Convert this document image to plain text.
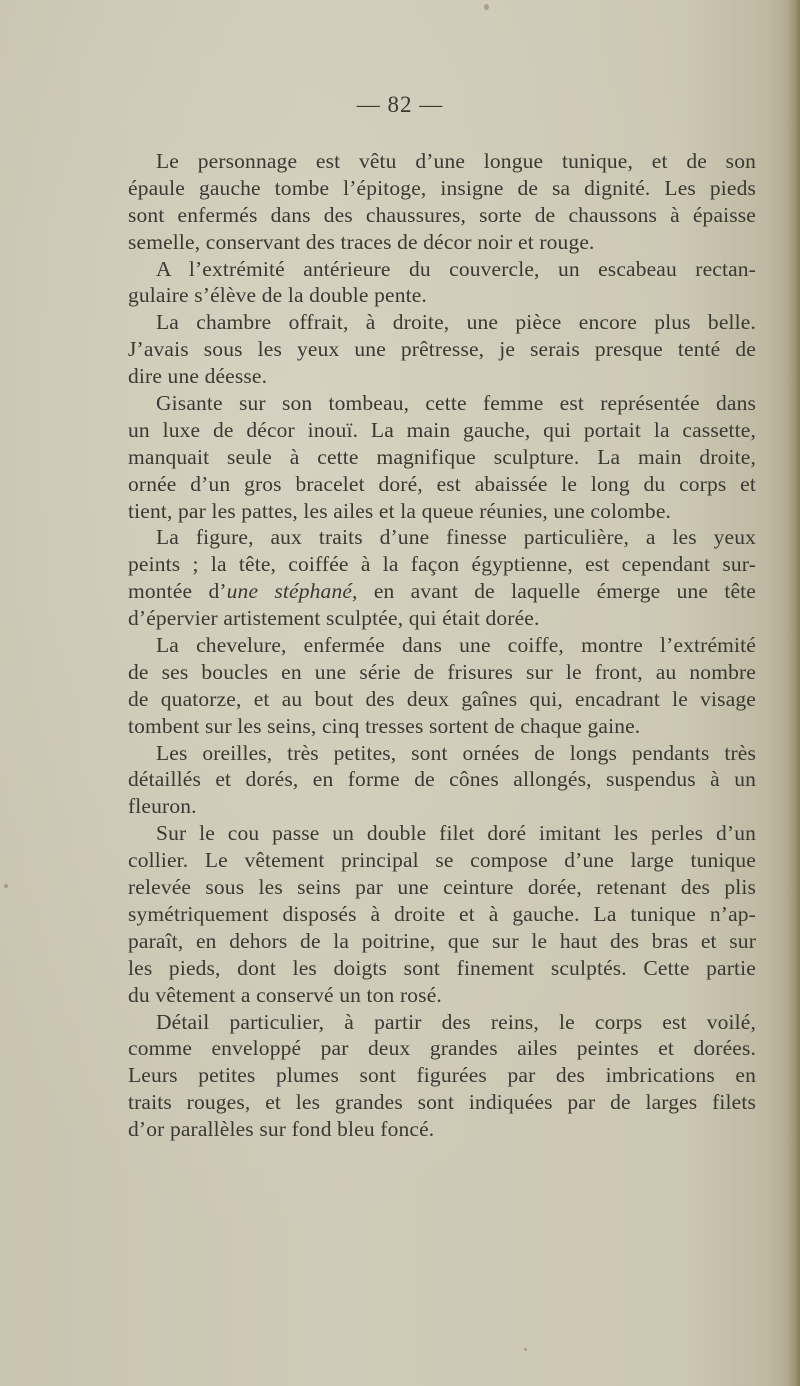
— 82 —
Le personnage est vêtu d’une longue tunique, et de son
épaule gauche tombe l’épitoge, insigne de sa dignité. Les pieds
sont enfermés dans des chaussures, sorte de chaussons à épaisse
semelle, conservant des traces de décor noir et rouge.
A l’extrémité antérieure du couvercle, un escabeau rectan-
gulaire s’élève de la double pente.
La chambre offrait, à droite, une pièce encore plus belle.
J’avais sous les yeux une prêtresse, je serais presque tenté de
dire une déesse.
Gisante sur son tombeau, cette femme est représentée dans
un luxe de décor inouï. La main gauche, qui portait la cassette,
manquait seule à cette magnifique sculpture. La main droite,
ornée d’un gros bracelet doré, est abaissée le long du corps et
tient, par les pattes, les ailes et la queue réunies, une colombe.
La figure, aux traits d’une finesse particulière, a les yeux
peints ; la tête, coiffée à la façon égyptienne, est cependant sur-
montée d’une stéphané, en avant de laquelle émerge une tête
d’épervier artistement sculptée, qui était dorée.
La chevelure, enfermée dans une coiffe, montre l’extrémité
de ses boucles en une série de frisures sur le front, au nombre
de quatorze, et au bout des deux gaînes qui, encadrant le visage
tombent sur les seins, cinq tresses sortent de chaque gaine.
Les oreilles, très petites, sont ornées de longs pendants très
détaillés et dorés, en forme de cônes allongés, suspendus à un
fleuron.
Sur le cou passe un double filet doré imitant les perles d’un
collier. Le vêtement principal se compose d’une large tunique
relevée sous les seins par une ceinture dorée, retenant des plis
symétriquement disposés à droite et à gauche. La tunique n’ap-
paraît, en dehors de la poitrine, que sur le haut des bras et sur
les pieds, dont les doigts sont finement sculptés. Cette partie
du vêtement a conservé un ton rosé.
Détail particulier, à partir des reins, le corps est voilé,
comme enveloppé par deux grandes ailes peintes et dorées.
Leurs petites plumes sont figurées par des imbrications en
traits rouges, et les grandes sont indiquées par de larges filets
d’or parallèles sur fond bleu foncé.
